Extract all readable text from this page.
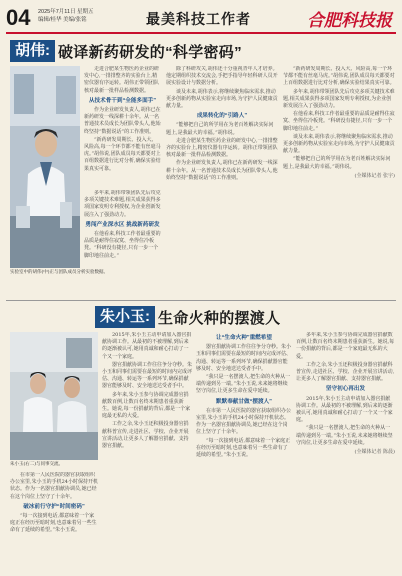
04 2025年7月11日 星期五
编辑/桂华 美编/张铭	最美科技工作者	合肥科技报
胡伟: 破译新药研发的“科学密码”

走进合肥某生物医药企业的研发中心,一排排整齐的实验台上,精密仪器有序运转。胡伟正带领团队核对最新一批样品检测数据。

从技术骨干到“全能多面手”

作为企业研发负责人,胡伟已在新药研发一线深耕十余年。从一名普通技术员成长为团队带头人,他始终坚持“数据说话”的工作准则。

“新药研发周期长、投入大、风险高,每一个环节都不能有丝毫马虎。”胡伟说,团队成员每天都要对上百组数据进行比对分析,确保实验结果真实可靠。

实验室中的胡伟(中)正与团队成员分析实验数据。

多年来,胡伟带领团队先后攻克多项关键技术难题,相关成果获得多项国家发明专利授权,为企业创新发展注入了强劲动力。

勇闯产业深水区 挑战新药研发

在他看来,科技工作者最重要的品质是耐得住寂寞、坐得住冷板凳。“科研没有捷径,只有一步一个脚印地往前走。”

除了科研攻关,胡伟还十分重视青年人才培养。他定期组织技术交流会,手把手指导年轻科研人员开展实验设计与数据分析。

谈及未来,胡伟表示,将继续聚焦临床需求,推动更多创新药物从实验室走向市场,为守护人民健康贡献力量。

成果转化的“引路人”

“能够把自己的所学用在为老百姓解决实际问题上,是我最大的幸福。”胡伟说。

走进合肥某生物医药企业的研发中心,一排排整齐的实验台上,精密仪器有序运转。胡伟正带领团队核对最新一批样品检测数据。

作为企业研发负责人,胡伟已在新药研发一线深耕十余年。从一名普通技术员成长为团队带头人,他始终坚持“数据说话”的工作准则。

“新药研发周期长、投入大、风险高,每一个环节都不能有丝毫马虎。”胡伟说,团队成员每天都要对上百组数据进行比对分析,确保实验结果真实可靠。

多年来,胡伟带领团队先后攻克多项关键技术难题,相关成果获得多项国家发明专利授权,为企业创新发展注入了强劲动力。

在他看来,科技工作者最重要的品质是耐得住寂寞、坐得住冷板凳。“科研没有捷径,只有一步一个脚印地往前走。”

谈及未来,胡伟表示,将继续聚焦临床需求,推动更多创新药物从实验室走向市场,为守护人民健康贡献力量。

“能够把自己的所学用在为老百姓解决实际问题上,是我最大的幸福。”胡伟说。

(全媒体记者 张宇)
朱小玉: 生命火种的摆渡人
朱小玉(右二)与同事交流。

在市第一人民医院的器官获取组织办公室里,朱小玉的手机24小时保持开机状态。作为一名器官捐献协调员,她已经在这个岗位上坚守了十余年。

破冰前行守护“时间密码”

“每一次接到电话,都意味着一个家庭正在经历至暗时刻,也意味着另一些生命有了延续的希望。”朱小玉说。

2015年,朱小玉主动申请加入器官捐献协调工作。从最初的不被理解,到后来的逐渐被认可,她用真诚和耐心打动了一个又一个家庭。

器官捐献协调工作往往争分夺秒。朱小玉和同事们需要在最短的时间内完成评估、沟通、转运等一系列环节,确保捐献器官能够及时、安全地送达受者手中。

多年来,朱小玉参与协调完成器官捐献数百例,让数百名终末期患者重获新生。她说,每一份捐献的背后,都是一个家庭最无私的大爱。

工作之余,朱小玉还积极投身器官捐献科普宣传,走进社区、学校、企业开展宣讲活动,让更多人了解器官捐献、支持器官捐献。

让“生命火种”重燃希望

器官捐献协调工作往往争分夺秒。朱小玉和同事们需要在最短的时间内完成评估、沟通、转运等一系列环节,确保捐献器官能够及时、安全地送达受者手中。

“我只是一名摆渡人,把生命的火种从一端传递到另一端。”朱小玉说,未来她将继续坚守岗位,让更多生命在爱中延续。

默默奉献甘做“摆渡人”

在市第一人民医院的器官获取组织办公室里,朱小玉的手机24小时保持开机状态。作为一名器官捐献协调员,她已经在这个岗位上坚守了十余年。

“每一次接到电话,都意味着一个家庭正在经历至暗时刻,也意味着另一些生命有了延续的希望。”朱小玉说。

多年来,朱小玉参与协调完成器官捐献数百例,让数百名终末期患者重获新生。她说,每一份捐献的背后,都是一个家庭最无私的大爱。

工作之余,朱小玉还积极投身器官捐献科普宣传,走进社区、学校、企业开展宣讲活动,让更多人了解器官捐献、支持器官捐献。

坚守初心再出发

2015年,朱小玉主动申请加入器官捐献协调工作。从最初的不被理解,到后来的逐渐被认可,她用真诚和耐心打动了一个又一个家庭。

“我只是一名摆渡人,把生命的火种从一端传递到另一端。”朱小玉说,未来她将继续坚守岗位,让更多生命在爱中延续。

(全媒体记者 陈晨)
